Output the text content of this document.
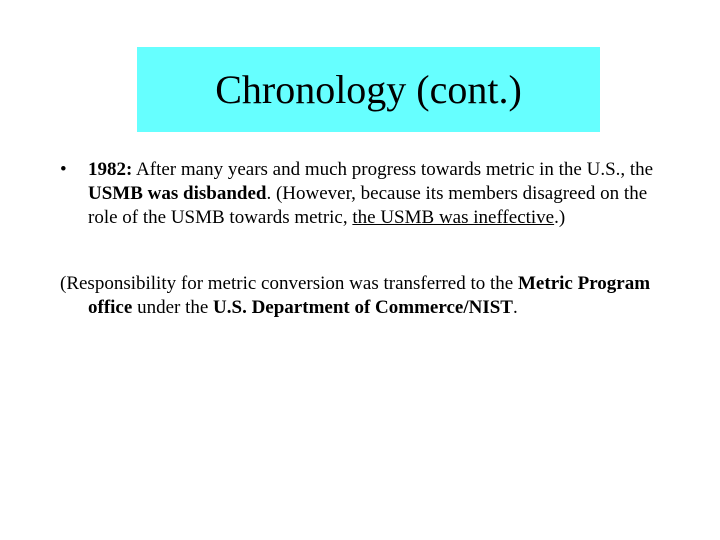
Chronology (cont.)
•	1982: After many years and much progress towards metric in the U.S., the USMB was disbanded. (However, because its members disagreed on the role of the USMB towards metric, the USMB was ineffective.)
(Responsibility for metric conversion was transferred to the Metric Program office under the U.S. Department of Commerce/NIST.
